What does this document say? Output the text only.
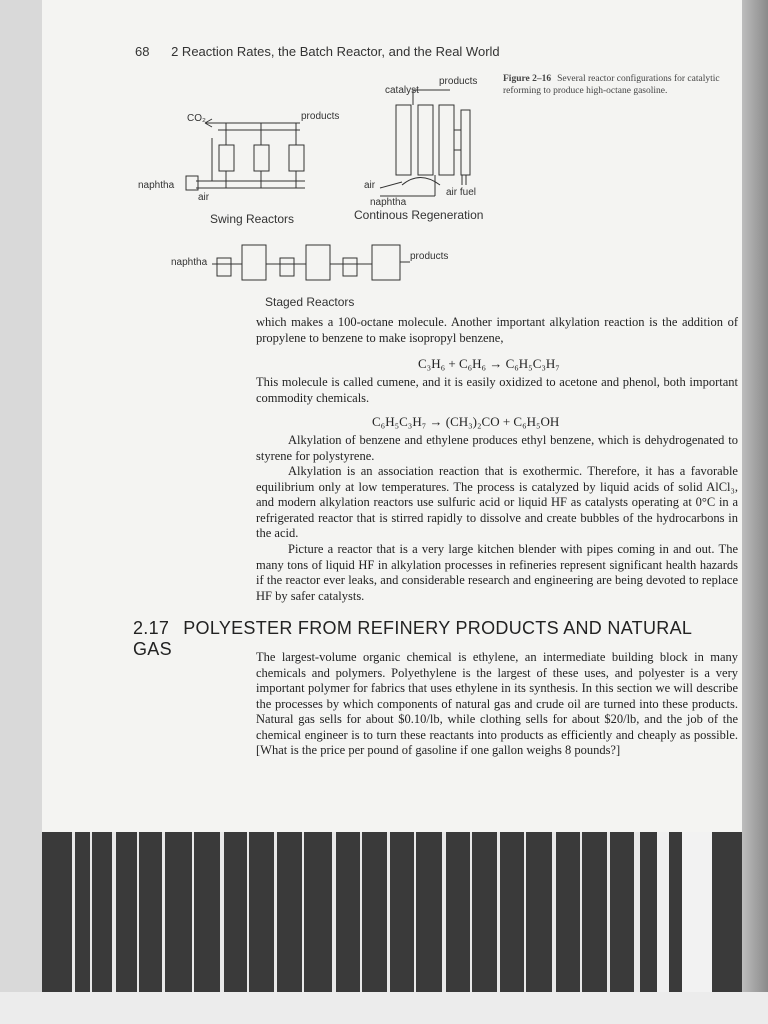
68 2 Reaction Rates, the Batch Reactor, and the Real World
Figure 2–16 Several reactor configurations for catalytic reforming to produce high-octane gasoline.
CO₂	products
naphtha
air
Swing Reactors
catalyst
products
air
naphtha
air fuel
Continous Regeneration
naphtha
products
Staged Reactors

which makes a 100-octane molecule. Another important alkylation reaction is the addition of propylene to benzene to make isopropyl benzene,

C₃H₆ + C₆H₆ → C₆H₅C₃H₇

This molecule is called cumene, and it is easily oxidized to acetone and phenol, both important commodity chemicals.

C₆H₅C₃H₇ → (CH₃)₂CO + C₆H₅OH

Alkylation of benzene and ethylene produces ethyl benzene, which is dehydrogenated to styrene for polystyrene.

Alkylation is an association reaction that is exothermic. Therefore, it has a favorable equilibrium only at low temperatures. The process is catalyzed by liquid acids of solid AlCl₃, and modern alkylation reactors use sulfuric acid or liquid HF as catalysts operating at 0°C in a refrigerated reactor that is stirred rapidly to dissolve and create bubbles of the hydrocarbons in the acid.

Picture a reactor that is a very large kitchen blender with pipes coming in and out. The many tons of liquid HF in alkylation processes in refineries represent significant health hazards if the reactor ever leaks, and considerable research and engineering are being devoted to replace HF by safer catalysts.

2.17 POLYESTER FROM REFINERY PRODUCTS AND NATURAL GAS	The largest-volume organic chemical is ethylene, an intermediate building block in many chemicals and polymers. Polyethylene is the largest of these uses, and polyester is a very important polymer for fabrics that uses ethylene in its synthesis. In this section we will describe the processes by which components of natural gas and crude oil are turned into these products. Natural gas sells for about $0.10/lb, while clothing sells for about $20/lb, and the job of the chemical engineer is to turn these reactants into products as efficiently and cheaply as possible. [What is the price per pound of gasoline if one gallon weighs 8 pounds?]
